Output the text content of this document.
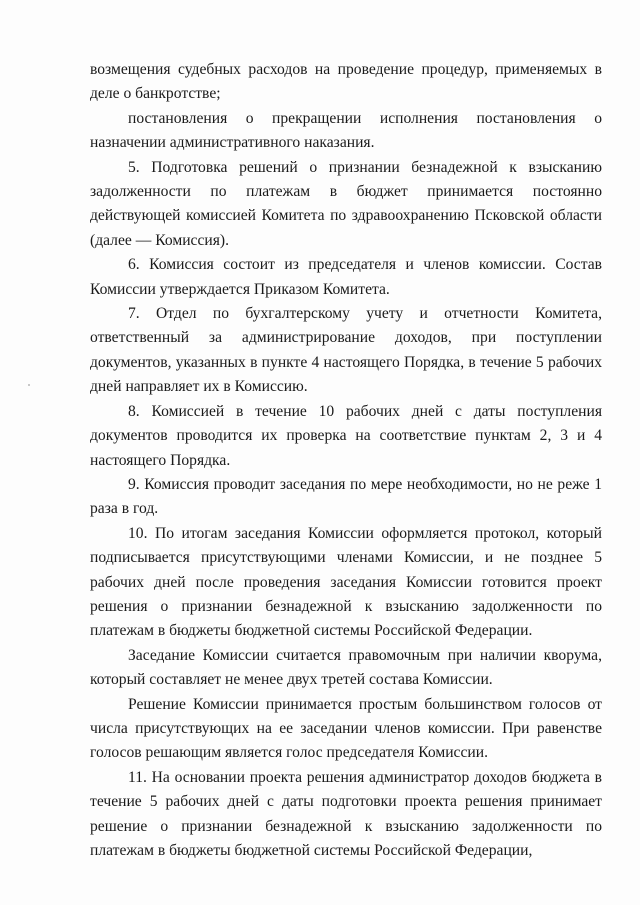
возмещения судебных расходов на проведение процедур, применяемых в деле о банкротстве;

постановления о прекращении исполнения постановления о назначении административного наказания.

5. Подготовка решений о признании безнадежной к взысканию задолженности по платежам в бюджет принимается постоянно действующей комиссией Комитета по здравоохранению Псковской области (далее — Комиссия).

6. Комиссия состоит из председателя и членов комиссии. Состав Комиссии утверждается Приказом Комитета.

7. Отдел по бухгалтерскому учету и отчетности Комитета, ответственный за администрирование доходов, при поступлении документов, указанных в пункте 4 настоящего Порядка, в течение 5 рабочих дней направляет их в Комиссию.

8. Комиссией в течение 10 рабочих дней с даты поступления документов проводится их проверка на соответствие пунктам 2, 3 и 4 настоящего Порядка.

9. Комиссия проводит заседания по мере необходимости, но не реже 1 раза в год.

10. По итогам заседания Комиссии оформляется протокол, который подписывается присутствующими членами Комиссии, и не позднее 5 рабочих дней после проведения заседания Комиссии готовится проект решения о признании безнадежной к взысканию задолженности по платежам в бюджеты бюджетной системы Российской Федерации.

Заседание Комиссии считается правомочным при наличии кворума, который составляет не менее двух третей состава Комиссии.

Решение Комиссии принимается простым большинством голосов от числа присутствующих на ее заседании членов комиссии. При равенстве голосов решающим является голос председателя Комиссии.

11. На основании проекта решения администратор доходов бюджета в течение 5 рабочих дней с даты подготовки проекта решения принимает решение о признании безнадежной к взысканию задолженности по платежам в бюджеты бюджетной системы Российской Федерации,
